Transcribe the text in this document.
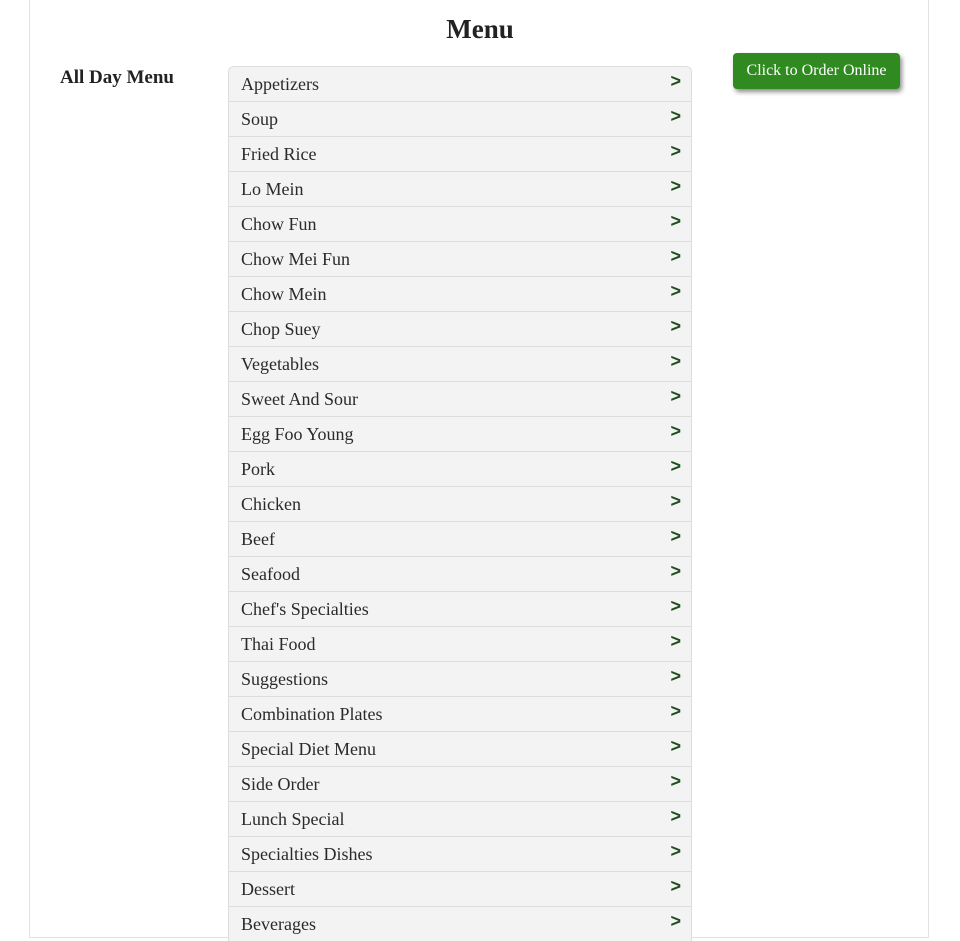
Menu
All Day Menu	Appetizers	>
Soup	>
Fried Rice	>
Lo Mein	>
Chow Fun	>
Chow Mei Fun	>
Chow Mein	>
Chop Suey	>
Vegetables	>
Sweet And Sour	>
Egg Foo Young	>
Pork	>
Chicken	>
Beef	>
Seafood	>
Chef's Specialties	>
Thai Food	>
Suggestions	>
Combination Plates	>
Special Diet Menu	>
Side Order	>
Lunch Special	>
Specialties Dishes	>
Dessert	>
Beverages	>
Click to Order Online
